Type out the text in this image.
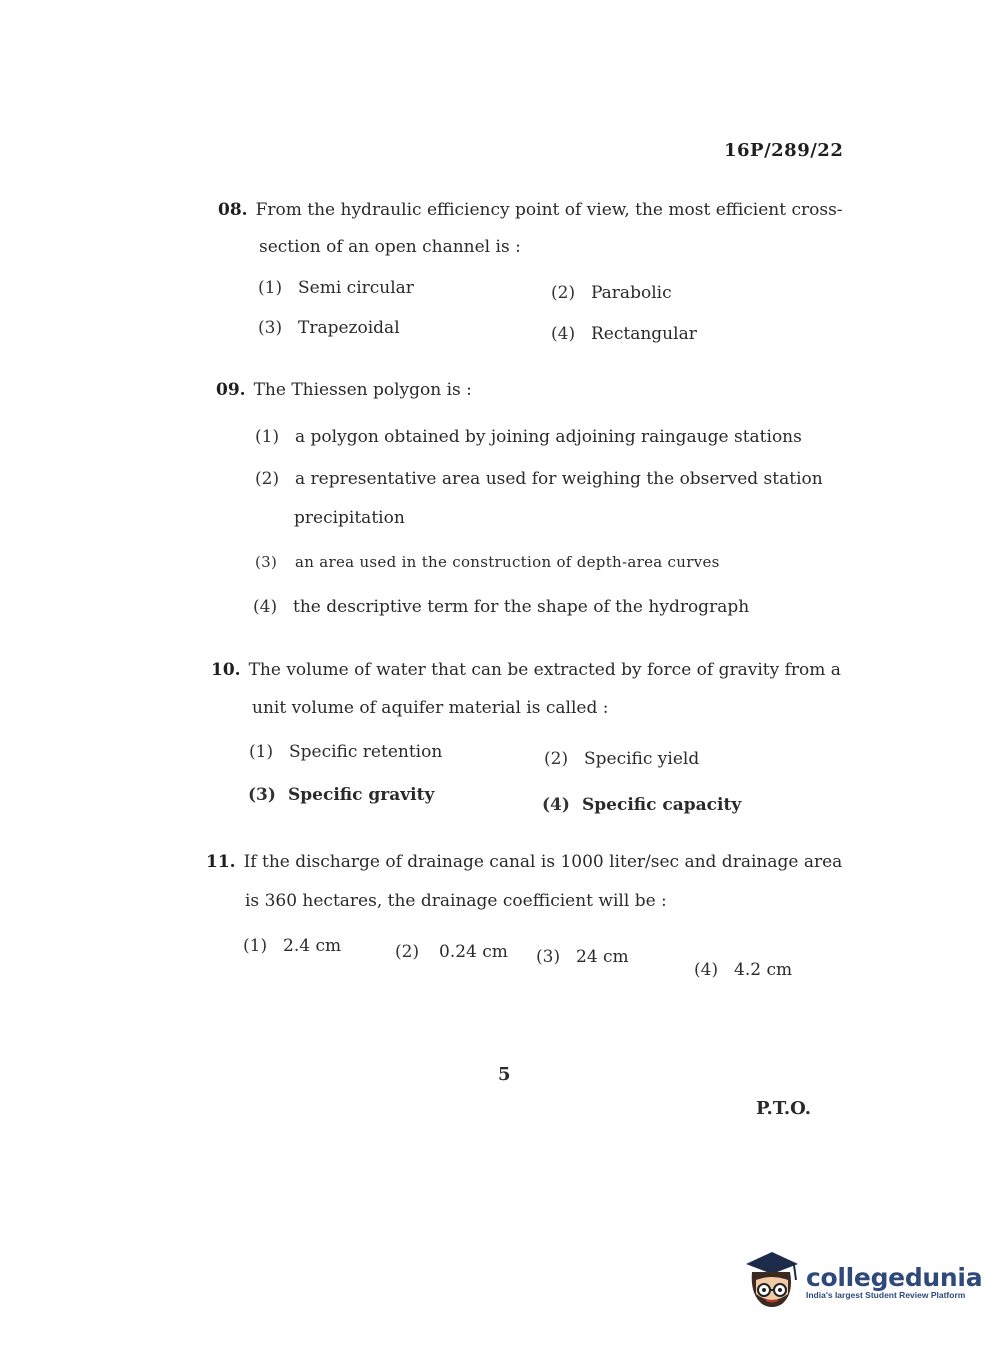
16P/289/22
08. From the hydraulic efficiency point of view, the most efficient cross-
section of an open channel is :
(1) Semi circular	(2) Parabolic
(3) Trapezoidal	(4) Rectangular
09. The Thiessen polygon is :
(1) a polygon obtained by joining adjoining raingauge stations
(2) a representative area used for weighing the observed station
precipitation
(3)	an area used in the construction of depth-area curves
(4) the descriptive term for the shape of the hydrograph
10. The volume of water that can be extracted by force of gravity from a
unit volume of aquifer material is called :
(1) Specific retention	(2) Specific yield
(3) Specific gravity	(4) Specific capacity
11. If the discharge of drainage canal is 1000 liter/sec and drainage area
is 360 hectares, the drainage coefficient will be :
(1) 2.4 cm	(2)	0.24 cm (3) 24 cm
(4) 4.2 cm
5
P.T.O.
collegedunia
India's largest Student Review Platform
